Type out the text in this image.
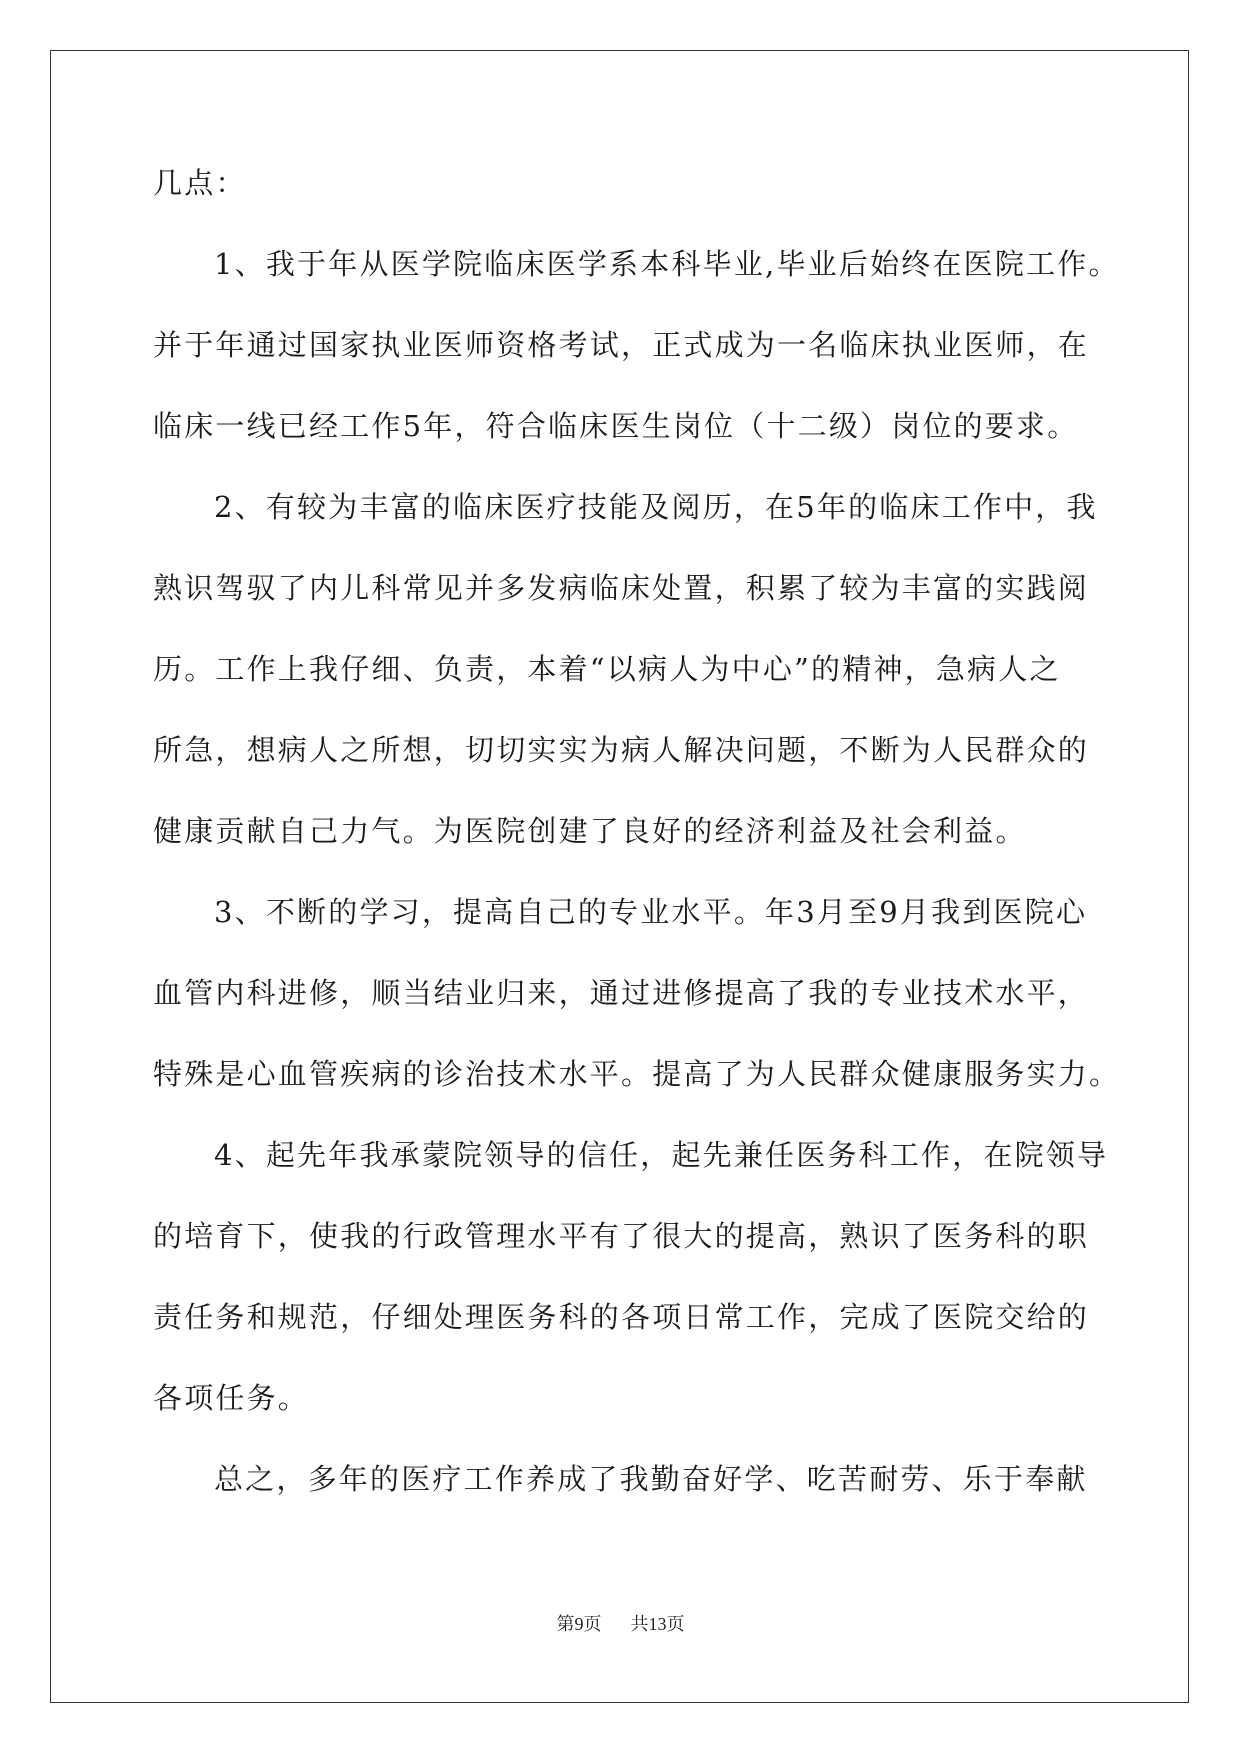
几点：
1、我于年从医学院临床医学系本科毕业,毕业后始终在医院工作。
并于年通过国家执业医师资格考试，正式成为一名临床执业医师，在
临床一线已经工作5年，符合临床医生岗位（十二级）岗位的要求。
2、有较为丰富的临床医疗技能及阅历，在5年的临床工作中，我
熟识驾驭了内儿科常见并多发病临床处置，积累了较为丰富的实践阅
历。工作上我仔细、负责，本着“以病人为中心”的精神，急病人之
所急，想病人之所想，切切实实为病人解决问题，不断为人民群众的
健康贡献自己力气。为医院创建了良好的经济利益及社会利益。
3、不断的学习，提高自己的专业水平。年3月至9月我到医院心
血管内科进修，顺当结业归来，通过进修提高了我的专业技术水平，
特殊是心血管疾病的诊治技术水平。提高了为人民群众健康服务实力。
4、起先年我承蒙院领导的信任，起先兼任医务科工作，在院领导
的培育下，使我的行政管理水平有了很大的提高，熟识了医务科的职
责任务和规范，仔细处理医务科的各项日常工作，完成了医院交给的
各项任务。
总之，多年的医疗工作养成了我勤奋好学、吃苦耐劳、乐于奉献
第9页 共13页
